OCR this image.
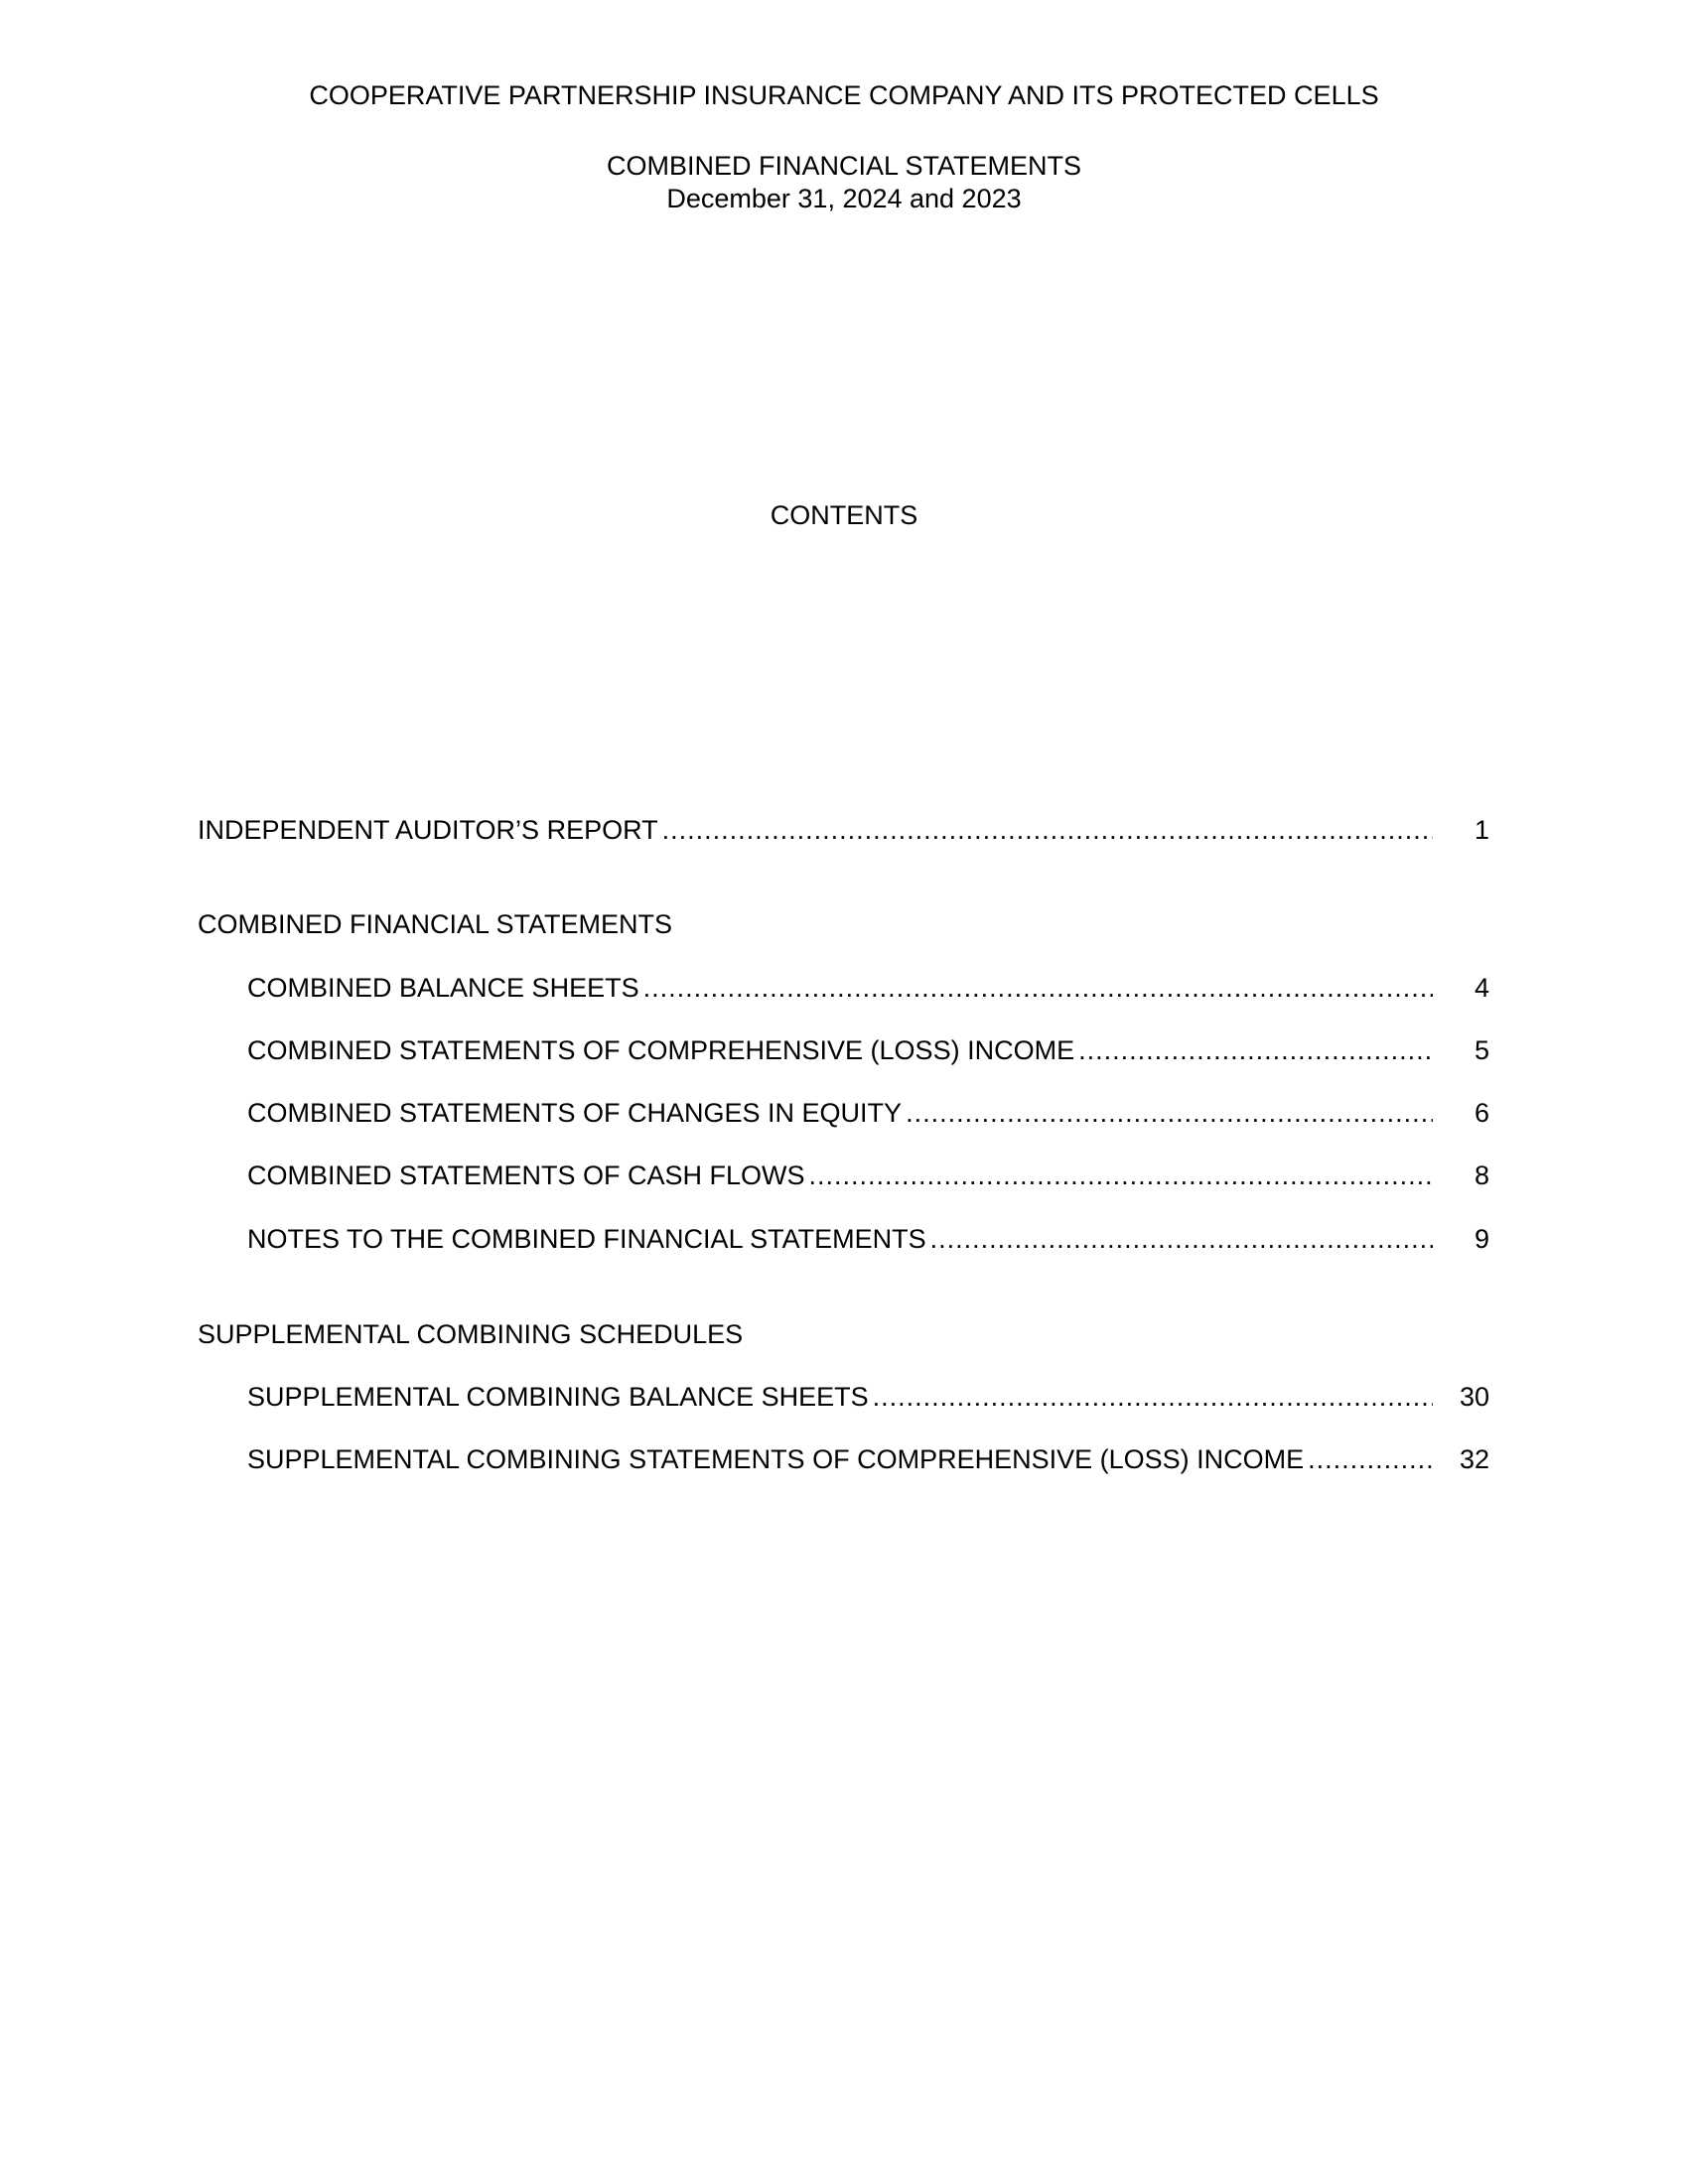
COOPERATIVE PARTNERSHIP INSURANCE COMPANY AND ITS PROTECTED CELLS
COMBINED FINANCIAL STATEMENTS
December 31, 2024 and 2023
CONTENTS
INDEPENDENT AUDITOR’S REPORT .....	1
COMBINED FINANCIAL STATEMENTS
COMBINED BALANCE SHEETS .....	4
COMBINED STATEMENTS OF COMPREHENSIVE (LOSS) INCOME .....	5
COMBINED STATEMENTS OF CHANGES IN EQUITY .....	6
COMBINED STATEMENTS OF CASH FLOWS .....	8
NOTES TO THE COMBINED FINANCIAL STATEMENTS .....	9
SUPPLEMENTAL COMBINING SCHEDULES
SUPPLEMENTAL COMBINING BALANCE SHEETS .....	30
SUPPLEMENTAL COMBINING STATEMENTS OF COMPREHENSIVE (LOSS) INCOME .....	32
